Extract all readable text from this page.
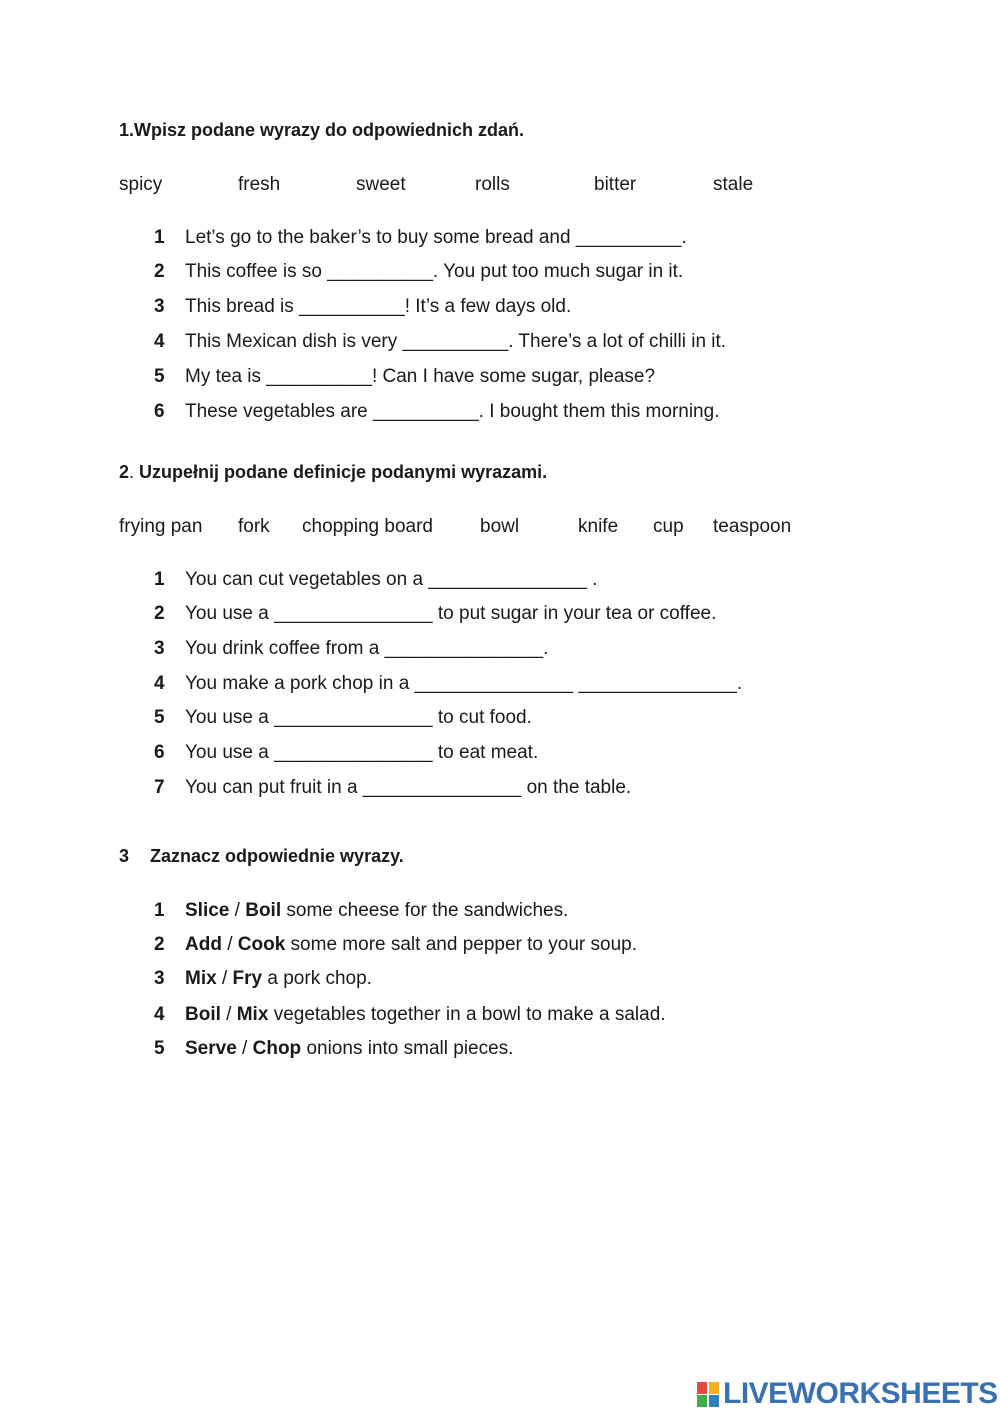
1.Wpisz podane wyrazy do odpowiednich zdań.
spicy	fresh	sweet	rolls	bitter	stale
1 Let’s go to the baker’s to buy some bread and __________.
2 This coffee is so __________. You put too much sugar in it.
3 This bread is __________! It’s a few days old.
4 This Mexican dish is very __________. There’s a lot of chilli in it.
5 My tea is __________! Can I have some sugar, please?
6 These vegetables are __________. I bought them this morning.
2. Uzupełnij podane definicje podanymi wyrazami.
frying pan fork chopping board bowl	knife cup teaspoon
1 You can cut vegetables on a _______________ .
2 You use a _______________ to put sugar in your tea or coffee.
3 You drink coffee from a _______________.
4 You make a pork chop in a _______________ _______________.
5 You use a _______________ to cut food.
6 You use a _______________ to eat meat.
7 You can put fruit in a _______________ on the table.
3 Zaznacz odpowiednie wyrazy.
1 Slice / Boil some cheese for the sandwiches.
2 Add / Cook some more salt and pepper to your soup.
3 Mix / Fry a pork chop.
4 Boil / Mix vegetables together in a bowl to make a salad.
5 Serve / Chop onions into small pieces.
LIVEWORKSHEETS
